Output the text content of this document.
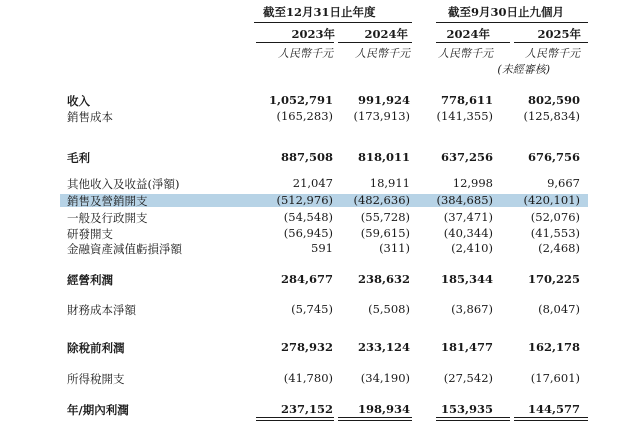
截至12月31日止年度	截至9月30日止九個月
2023年	2024年	2024年	2025年
人民幣千元	人民幣千元	人民幣千元	人民幣千元
(未經審核)
收入	1,052,791	991,924	778,611	802,590
銷售成本	(165,283)	(173,913)	(141,355)	(125,834)
毛利	887,508	818,011	637,256	676,756
其他收入及收益(淨額)	21,047	18,911	12,998	9,667
銷售及營銷開支	(512,976)	(482,636)	(384,685)	(420,101)
一般及行政開支	(54,548)	(55,728)	(37,471)	(52,076)
研發開支	(56,945)	(59,615)	(40,344)	(41,553)
金融資產減值虧損淨額	591	(311)	(2,410)	(2,468)
經營利潤	284,677	238,632	185,344	170,225
財務成本淨額	(5,745)	(5,508)	(3,867)	(8,047)
除稅前利潤	278,932	233,124	181,477	162,178
所得稅開支	(41,780)	(34,190)	(27,542)	(17,601)
年/期內利潤	237,152	198,934	153,935	144,577
